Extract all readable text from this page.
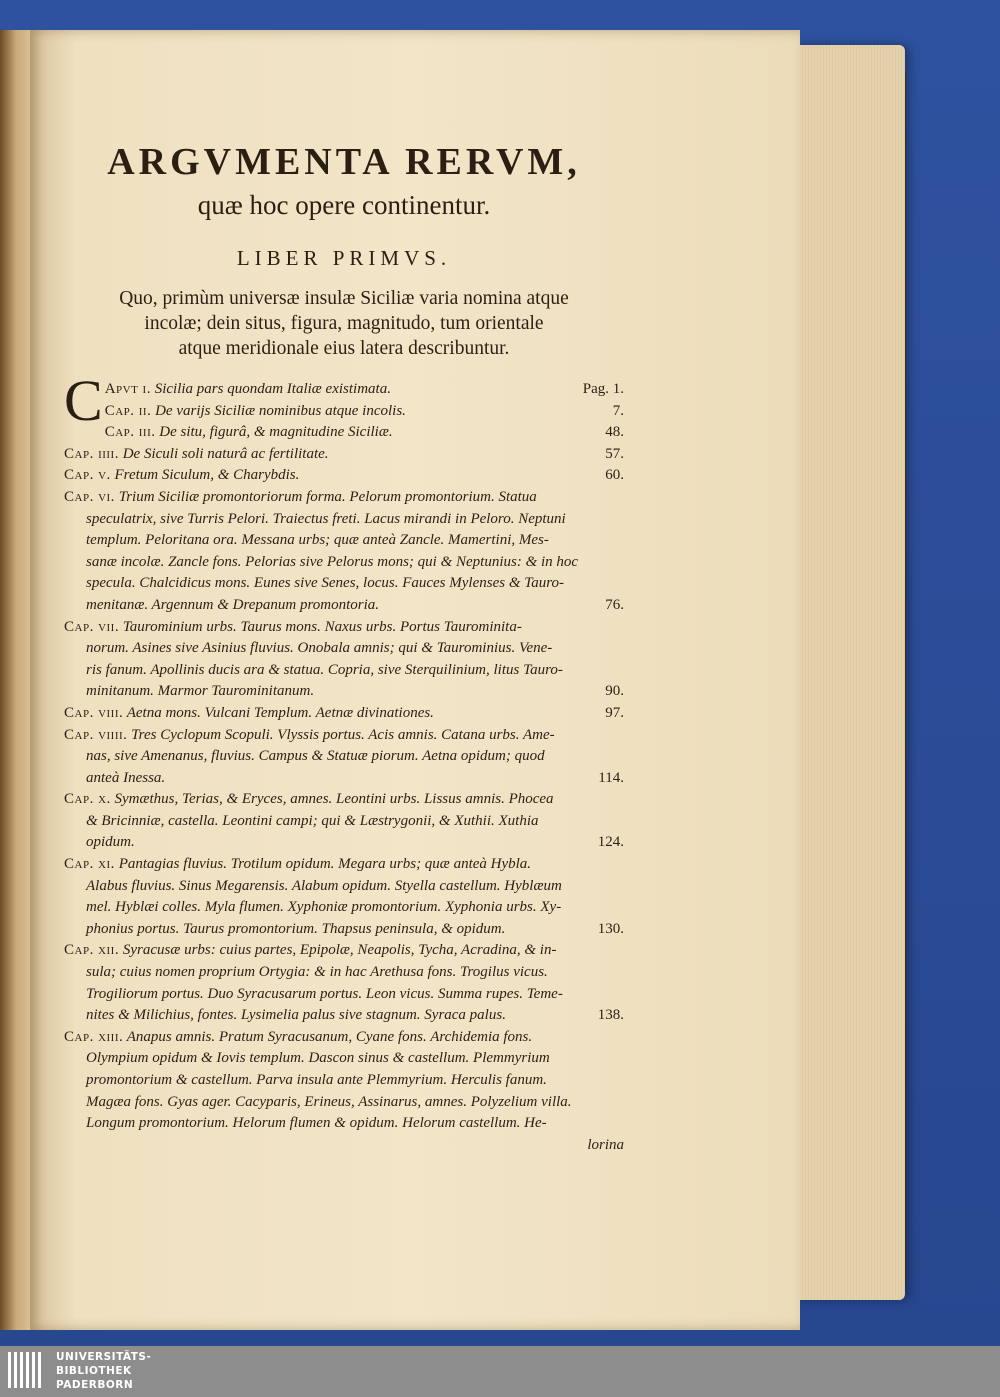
ARGVMENTA RERVM,
quæ hoc opere continentur.
LIBER PRIMVS.
Quo, primùm universæ insulæ Siciliæ varia nomina atque
incolæ; dein situs, figura, magnitudo, tum orientale
atque meridionale eius latera describuntur.
C Apvt i. Sicilia pars quondam Italiæ existimata.	Pag. 1.
Cap. ii. De varijs Siciliæ nominibus atque incolis.	7.
Cap. iii. De situ, figurâ, & magnitudine Siciliæ.	48.
Cap. iiii. De Siculi soli naturâ ac fertilitate.	57.
Cap. v. Fretum Siculum, & Charybdis.	60.
Cap. vi. Trium Siciliæ promontoriorum forma. Pelorum promontorium. Statua
speculatrix, sive Turris Pelori. Traiectus freti. Lacus mirandi in Peloro. Neptuni
templum. Peloritana ora. Messana urbs; quæ anteà Zancle. Mamertini, Mes-
sanæ incolæ. Zancle fons. Pelorias sive Pelorus mons; qui & Neptunius: & in hoc
specula. Chalcidicus mons. Eunes sive Senes, locus. Fauces Mylenses & Tauro-
menitanæ. Argennum & Drepanum promontoria.	76.
Cap. vii. Taurominium urbs. Taurus mons. Naxus urbs. Portus Taurominita-
norum. Asines sive Asinius fluvius. Onobala amnis; qui & Taurominius. Vene-
ris fanum. Apollinis ducis ara & statua. Copria, sive Sterquilinium, litus Tauro-
minitanum. Marmor Taurominitanum.	90.
Cap. viii. Aetna mons. Vulcani Templum. Aetnæ divinationes.	97.
Cap. viiii. Tres Cyclopum Scopuli. Vlyssis portus. Acis amnis. Catana urbs. Ame-
nas, sive Amenanus, fluvius. Campus & Statuæ piorum. Aetna opidum; quod
anteà Inessa.	114.
Cap. x. Symæthus, Terias, & Eryces, amnes. Leontini urbs. Lissus amnis. Phocea
& Bricinniæ, castella. Leontini campi; qui & Læstrygonii, & Xuthii. Xuthia
opidum.	124.
Cap. xi. Pantagias fluvius. Trotilum opidum. Megara urbs; quæ anteà Hybla.
Alabus fluvius. Sinus Megarensis. Alabum opidum. Styella castellum. Hyblæum
mel. Hyblæi colles. Myla flumen. Xyphoniæ promontorium. Xyphonia urbs. Xy-
phonius portus. Taurus promontorium. Thapsus peninsula, & opidum.	130.
Cap. xii. Syracusæ urbs: cuius partes, Epipolæ, Neapolis, Tycha, Acradina, & in-
sula; cuius nomen proprium Ortygia: & in hac Arethusa fons. Trogilus vicus.
Trogiliorum portus. Duo Syracusarum portus. Leon vicus. Summa rupes. Teme-
nites & Milichius, fontes. Lysimelia palus sive stagnum. Syraca palus.	138.
Cap. xiii. Anapus amnis. Pratum Syracusanum, Cyane fons. Archidemia fons.
Olympium opidum & Iovis templum. Dascon sinus & castellum. Plemmyrium
promontorium & castellum. Parva insula ante Plemmyrium. Herculis fanum.
Magæa fons. Gyas ager. Cacyparis, Erineus, Assinarus, amnes. Polyzelium villa.
Longum promontorium. Helorum flumen & opidum. Helorum castellum. He-
lorina
UNIVERSITÄTS-
BIBLIOTHEK
PADERBORN
